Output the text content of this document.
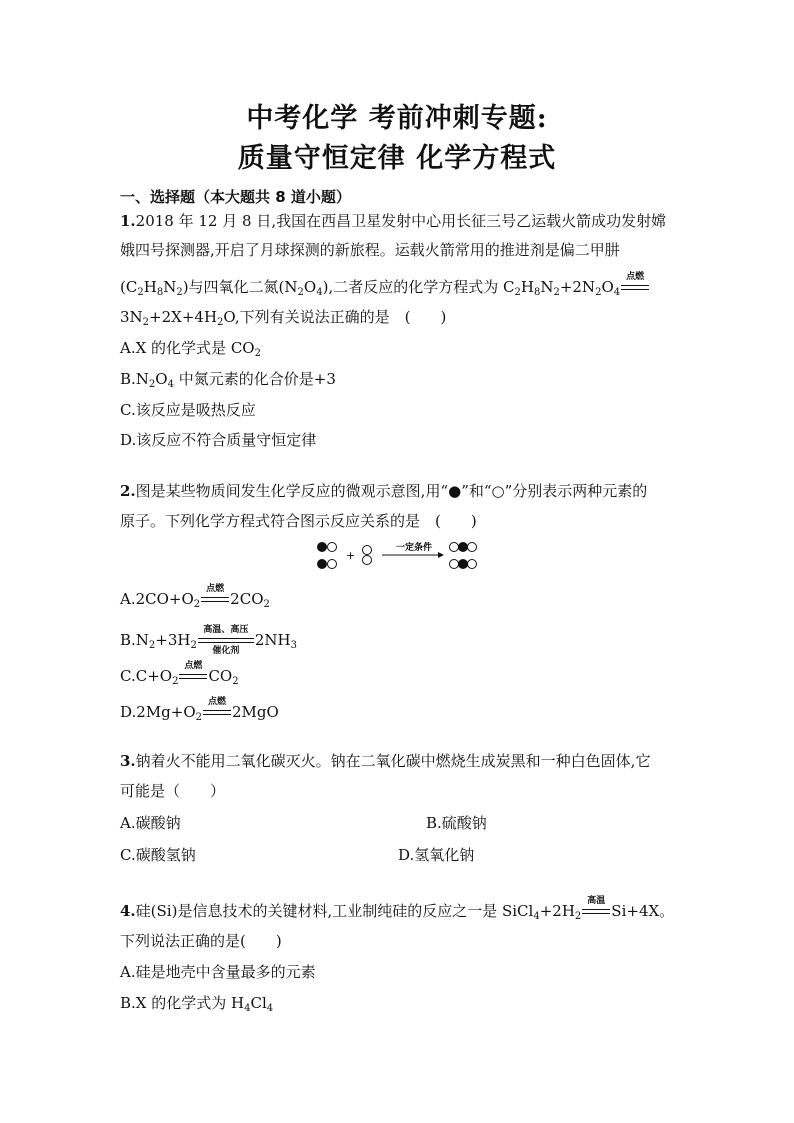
中考化学 考前冲刺专题:
质量守恒定律 化学方程式
一、选择题（本大题共 8 道小题）
1.2018 年 12 月 8 日,我国在西昌卫星发射中心用长征三号乙运载火箭成功发射嫦
娥四号探测器,开启了月球探测的新旅程。运载火箭常用的推进剂是偏二甲肼
$(C_2H_8N_2)$与四氧化二氮$(N_2O_4)$,二者反应的化学方程式为 $C_2H_8N_2+2N_2O_4$
点燃
$3N_2+2X+4H_2O$,下列有关说法正确的是　(　　)
A.X 的化学式是 $CO_2$
$B.N_2O_4$ 中氮元素的化合价是+3
C.该反应是吸热反应
D.该反应不符合质量守恒定律
2.图是某些物质间发生化学反应的微观示意图,用“●”和“○”分别表示两种元素的
原子。下列化学方程式符合图示反应关系的是　(　　)
+
一定条件
$A.2CO+O_2$
点燃
$2CO_2$
$B.N_2+3H_2$
高温、高压
催化剂
$2NH_3$
$C.C+O_2$
点燃
$CO_2$
$D.2Mg+O_2$
点燃
2MgO
3.钠着火不能用二氧化碳灭火。钠在二氧化碳中燃烧生成炭黑和一种白色固体,它
可能是（　　）
A.碳酸钠	B.硫酸钠
C.碳酸氢钠	D.氢氧化钠
4.硅(Si)是信息技术的关键材料,工业制纯硅的反应之一是 $SiCl_4+2H_2$
高温
Si+4X。
下列说法正确的是(　　)
A.硅是地壳中含量最多的元素
B.X 的化学式为 $H_4Cl_4$
